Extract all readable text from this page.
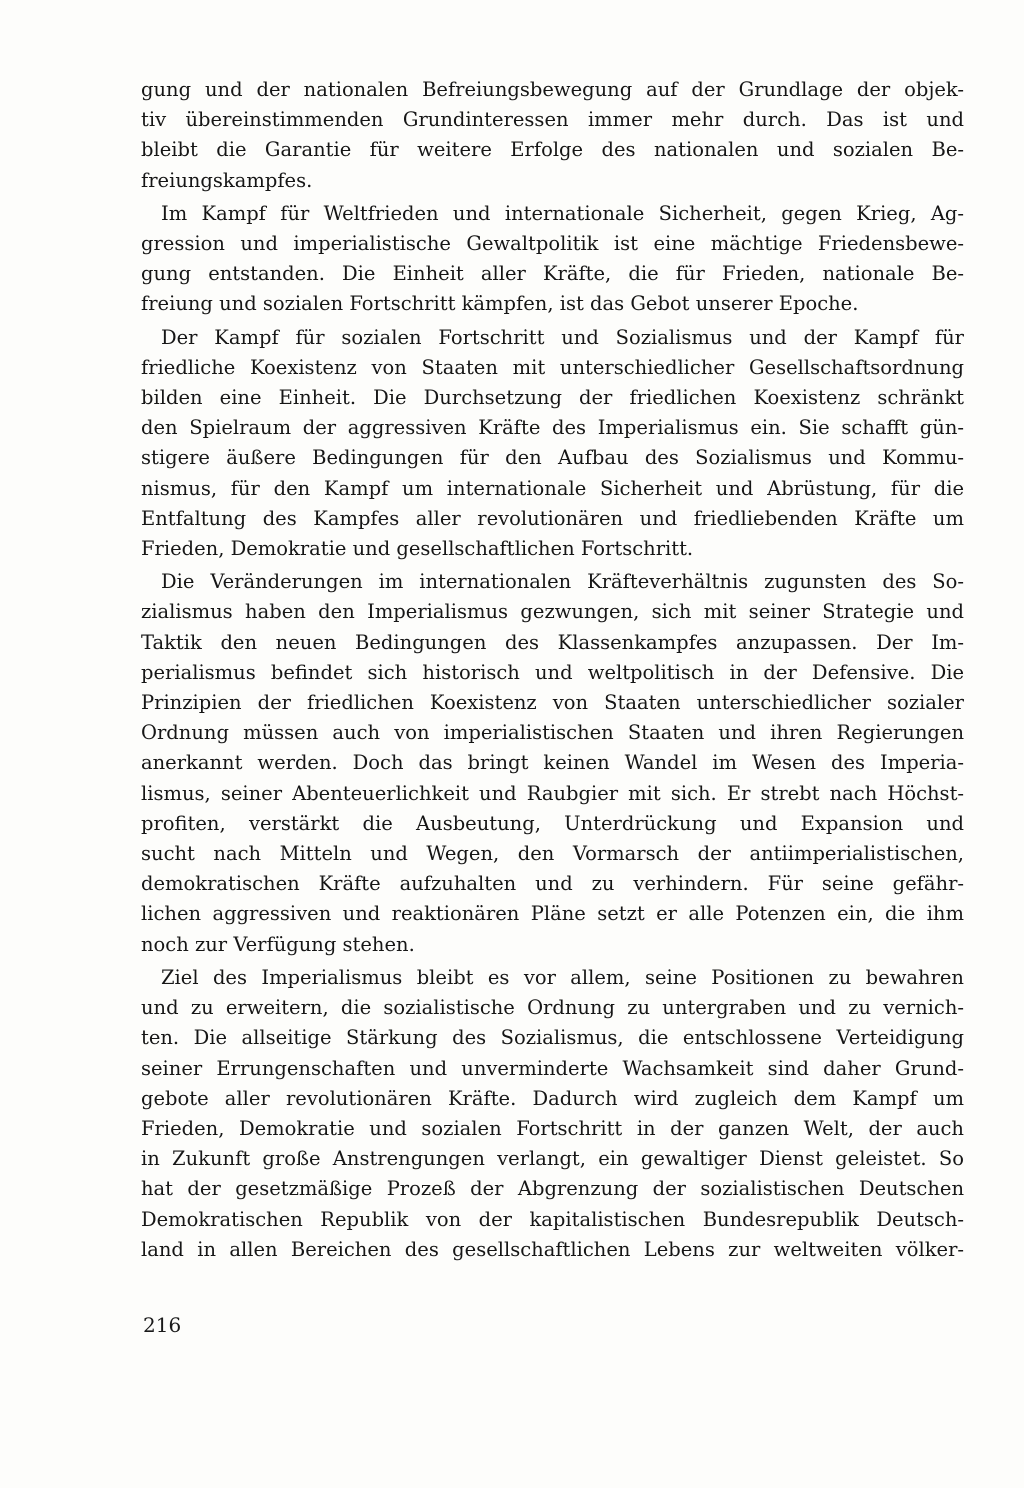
gung und der nationalen Befreiungsbewegung auf der Grundlage der objek-
tiv übereinstimmenden Grundinteressen immer mehr durch. Das ist und
bleibt die Garantie für weitere Erfolge des nationalen und sozialen Be-
freiungskampfes.

Im Kampf für Weltfrieden und internationale Sicherheit, gegen Krieg, Ag-
gression und imperialistische Gewaltpolitik ist eine mächtige Friedensbewe-
gung entstanden. Die Einheit aller Kräfte, die für Frieden, nationale Be-
freiung und sozialen Fortschritt kämpfen, ist das Gebot unserer Epoche.

Der Kampf für sozialen Fortschritt und Sozialismus und der Kampf für
friedliche Koexistenz von Staaten mit unterschiedlicher Gesellschaftsordnung
bilden eine Einheit. Die Durchsetzung der friedlichen Koexistenz schränkt
den Spielraum der aggressiven Kräfte des Imperialismus ein. Sie schafft gün-
stigere äußere Bedingungen für den Aufbau des Sozialismus und Kommu-
nismus, für den Kampf um internationale Sicherheit und Abrüstung, für die
Entfaltung des Kampfes aller revolutionären und friedliebenden Kräfte um
Frieden, Demokratie und gesellschaftlichen Fortschritt.

Die Veränderungen im internationalen Kräfteverhältnis zugunsten des So-
zialismus haben den Imperialismus gezwungen, sich mit seiner Strategie und
Taktik den neuen Bedingungen des Klassenkampfes anzupassen. Der Im-
perialismus befindet sich historisch und weltpolitisch in der Defensive. Die
Prinzipien der friedlichen Koexistenz von Staaten unterschiedlicher sozialer
Ordnung müssen auch von imperialistischen Staaten und ihren Regierungen
anerkannt werden. Doch das bringt keinen Wandel im Wesen des Imperia-
lismus, seiner Abenteuerlichkeit und Raubgier mit sich. Er strebt nach Höchst-
profiten, verstärkt die Ausbeutung, Unterdrückung und Expansion und
sucht nach Mitteln und Wegen, den Vormarsch der antiimperialistischen,
demokratischen Kräfte aufzuhalten und zu verhindern. Für seine gefähr-
lichen aggressiven und reaktionären Pläne setzt er alle Potenzen ein, die ihm
noch zur Verfügung stehen.

Ziel des Imperialismus bleibt es vor allem, seine Positionen zu bewahren
und zu erweitern, die sozialistische Ordnung zu untergraben und zu vernich-
ten. Die allseitige Stärkung des Sozialismus, die entschlossene Verteidigung
seiner Errungenschaften und unverminderte Wachsamkeit sind daher Grund-
gebote aller revolutionären Kräfte. Dadurch wird zugleich dem Kampf um
Frieden, Demokratie und sozialen Fortschritt in der ganzen Welt, der auch
in Zukunft große Anstrengungen verlangt, ein gewaltiger Dienst geleistet. So
hat der gesetzmäßige Prozeß der Abgrenzung der sozialistischen Deutschen
Demokratischen Republik von der kapitalistischen Bundesrepublik Deutsch-
land in allen Bereichen des gesellschaftlichen Lebens zur weltweiten völker-

216
